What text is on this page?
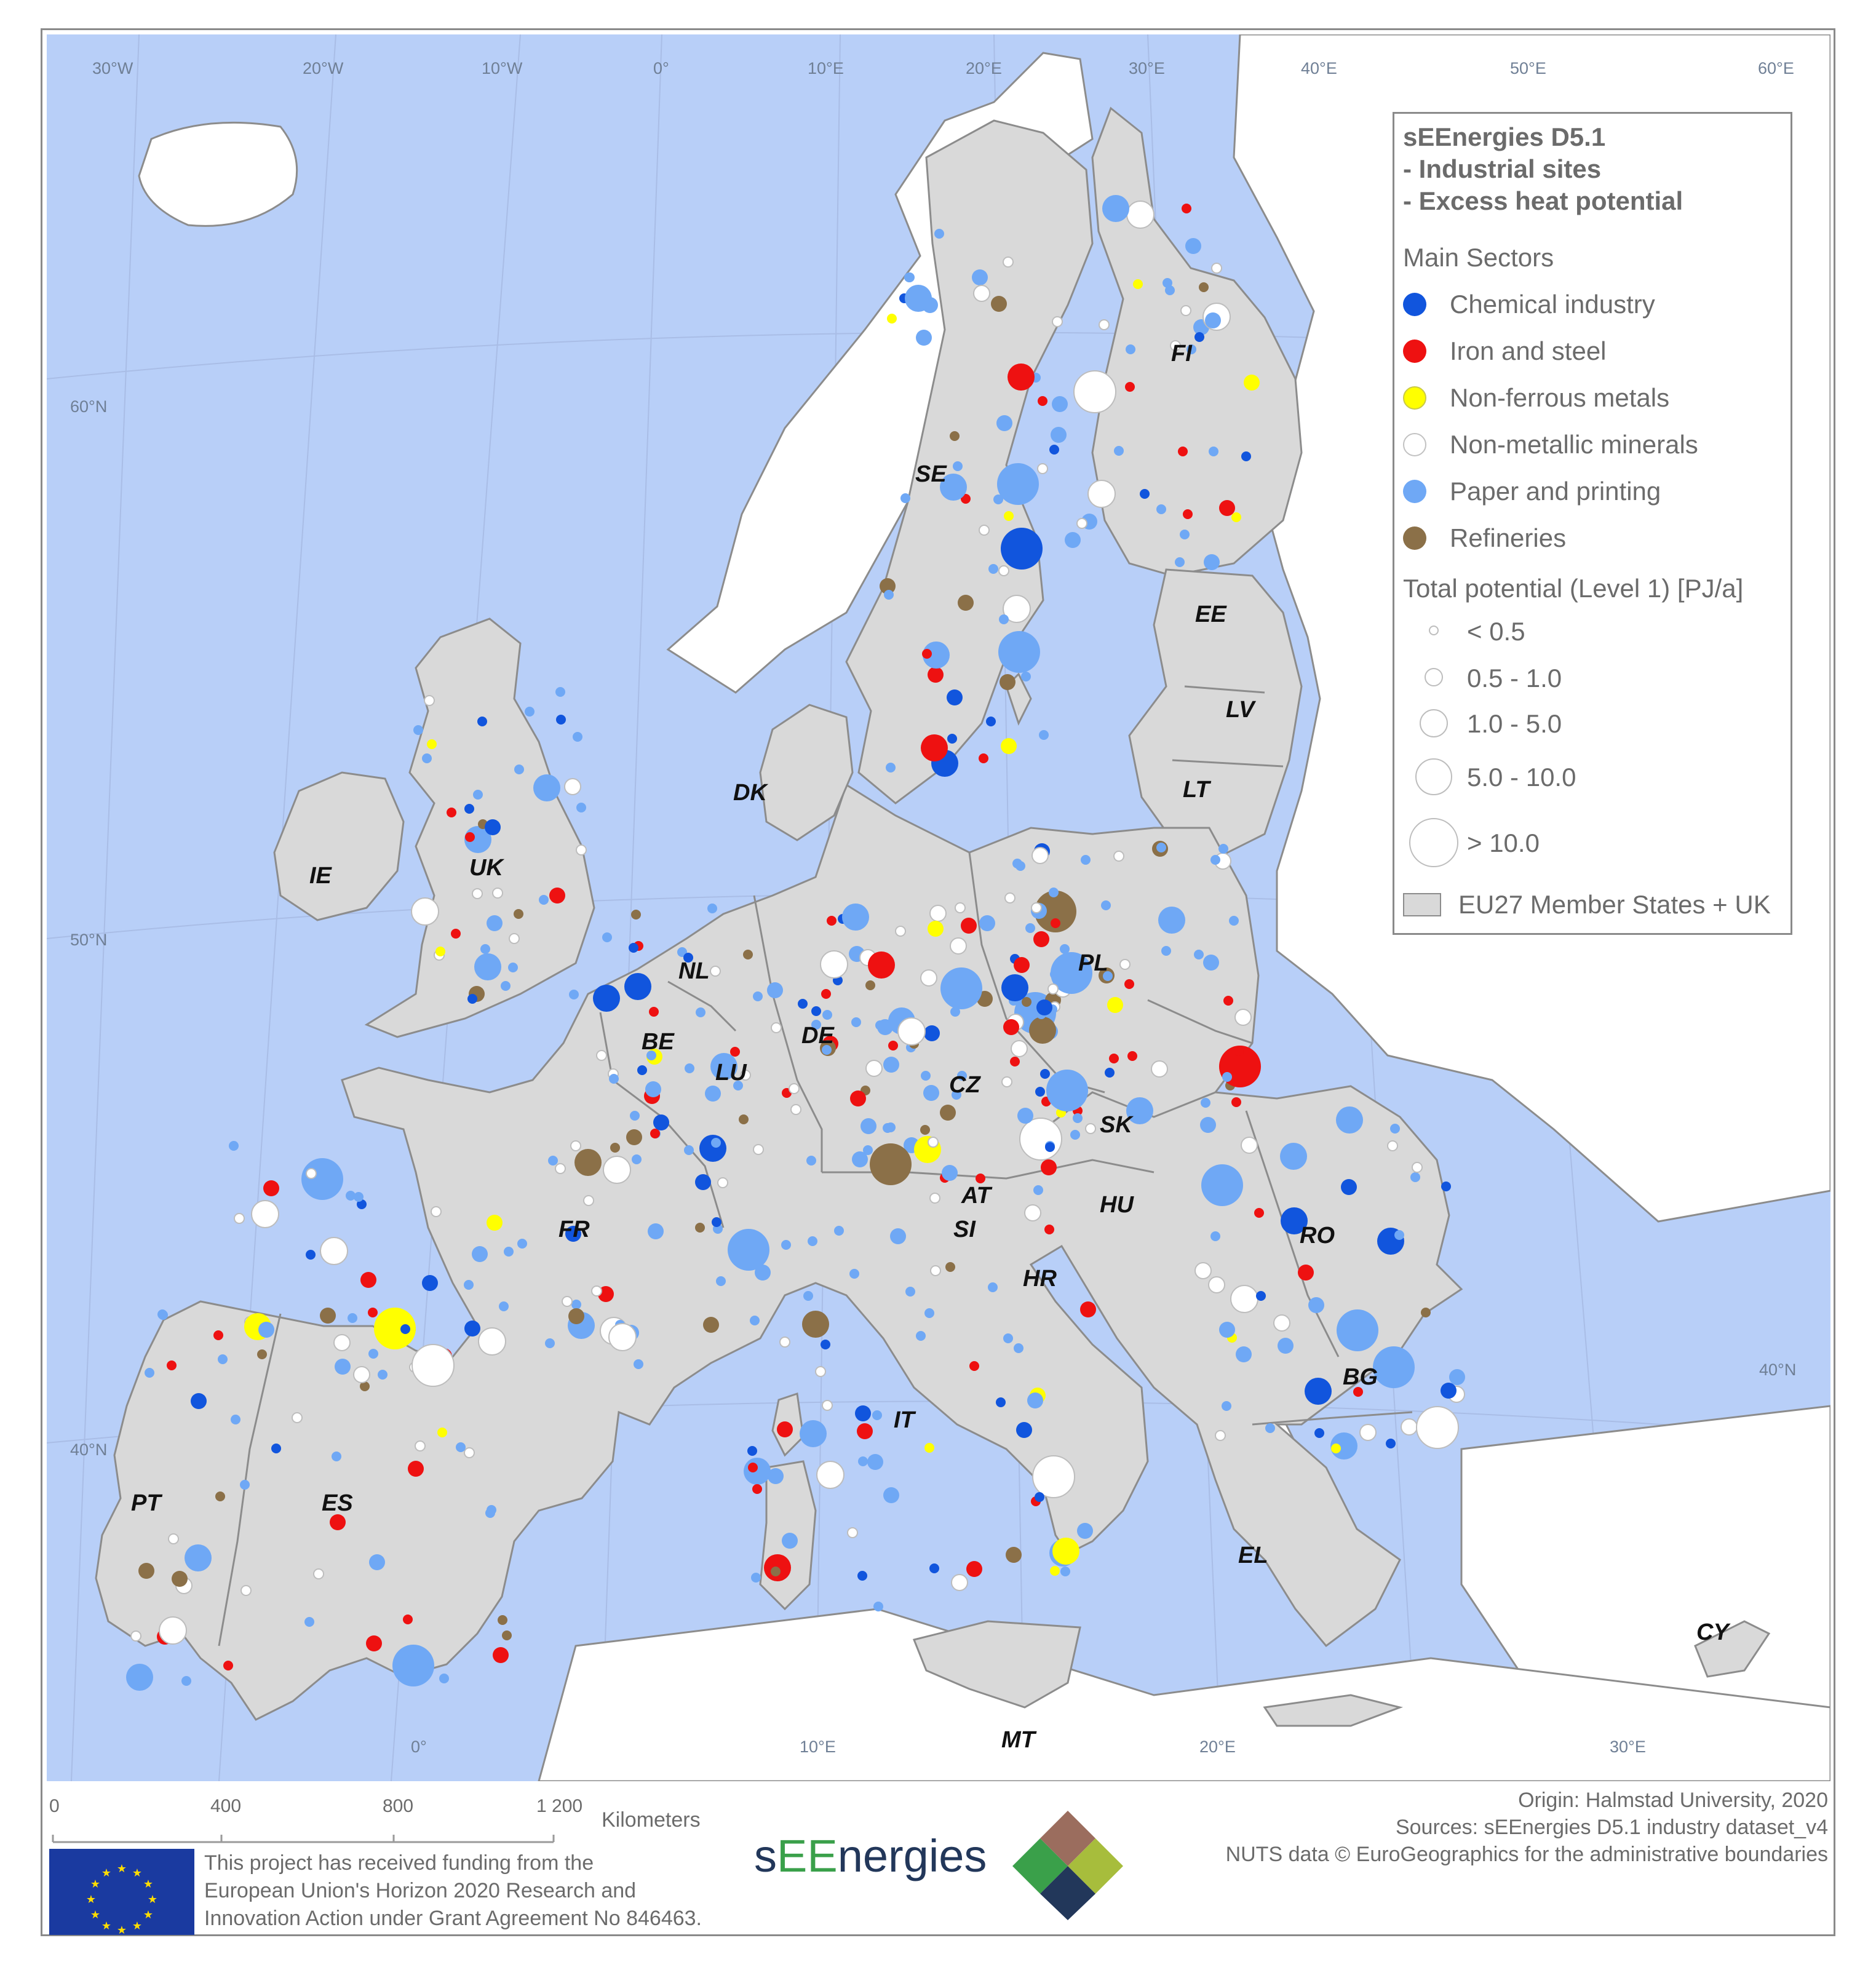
30°W	20°W	10°W	0°	10°E	20°E	30°E	40°E	50°E	60°E
60°N
50°N
40°N
40°N
0°	10°E	20°E	30°E
FI
SE
EE
LV
LT
DK
IE	UK
PL
NL
BE	DE
LU	CZ
SK
FR
AT
SI
HU
RO
HR
BG
IT
PT	ES
EL
CY
MT
sEEnergies D5.1
- Industrial sites
- Excess heat potential
Main Sectors
Chemical industry
Iron and steel
Non-ferrous metals
Non-metallic minerals
Paper and printing
Refineries
Total potential (Level 1) [PJ/a]
< 0.5
0.5 - 1.0
1.0 - 5.0
5.0 - 10.0
> 10.0
EU27 Member States + UK
0	400	800	1 200
Kilometers
★ ★
★
★
★
★
★
★
★
★
★
★	This project has received funding from the
European Union's Horizon 2020 Research and
Innovation Action under Grant Agreement No 846463.
sEEnergies
Origin: Halmstad University, 2020
Sources: sEEnergies D5.1 industry dataset_v4
NUTS data © EuroGeographics for the administrative boundaries
